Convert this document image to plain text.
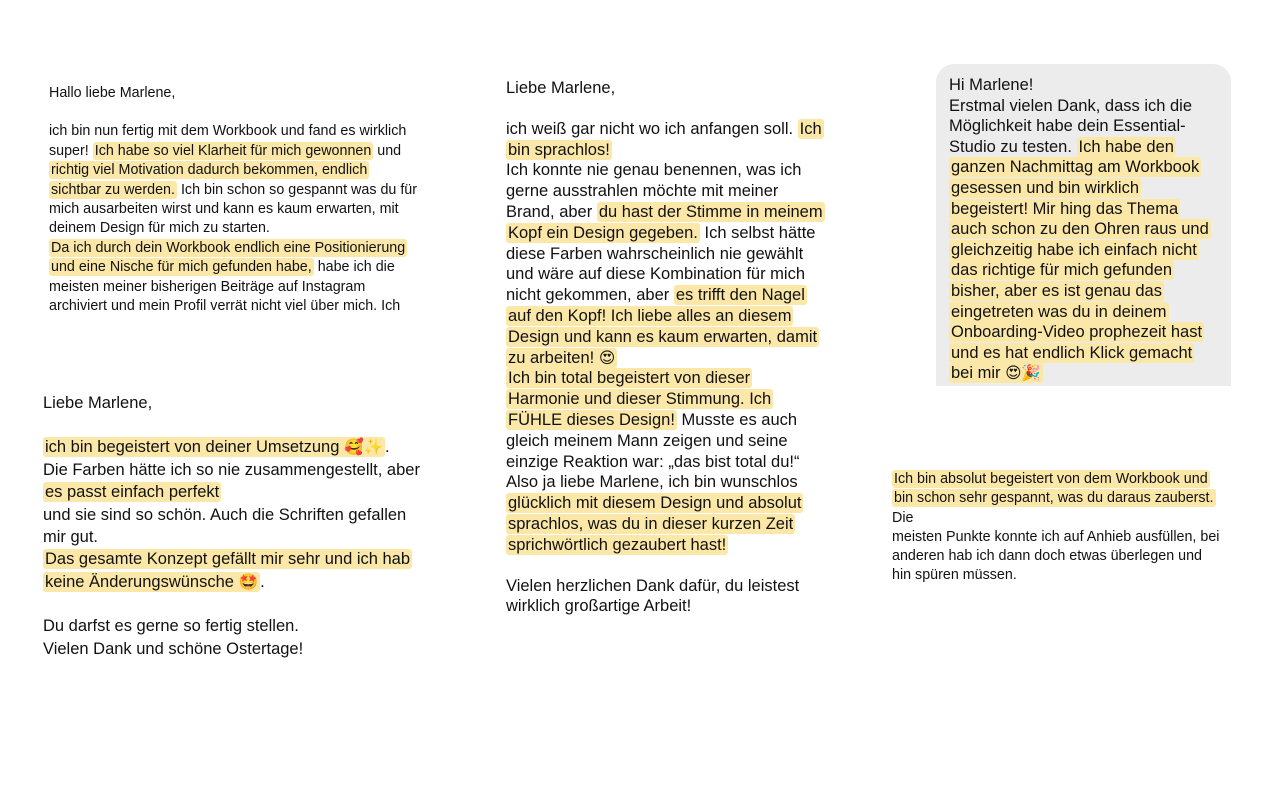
Hallo liebe Marlene,
ich bin nun fertig mit dem Workbook und fand es wirklich
super! Ich habe so viel Klarheit für mich gewonnen und
richtig viel Motivation dadurch bekommen, endlich
sichtbar zu werden. Ich bin schon so gespannt was du für
mich ausarbeiten wirst und kann es kaum erwarten, mit
deinem Design für mich zu starten.
Da ich durch dein Workbook endlich eine Positionierung
und eine Nische für mich gefunden habe, habe ich die
meisten meiner bisherigen Beiträge auf Instagram
archiviert und mein Profil verrät nicht viel über mich. Ich
Liebe Marlene,
ich bin begeistert von deiner Umsetzung 🥰✨ .
Die Farben hätte ich so nie zusammengestellt, aber
es passt einfach perfekt
und sie sind so schön. Auch die Schriften gefallen
mir gut.
Das gesamte Konzept gefällt mir sehr und ich hab
keine Änderungswünsche 🤩 .
Du darfst es gerne so fertig stellen.
Vielen Dank und schöne Ostertage!
Liebe Marlene,
ich weiß gar nicht wo ich anfangen soll. Ich
bin sprachlos!
Ich konnte nie genau benennen, was ich
gerne ausstrahlen möchte mit meiner
Brand, aber du hast der Stimme in meinem
Kopf ein Design gegeben. Ich selbst hätte
diese Farben wahrscheinlich nie gewählt
und wäre auf diese Kombination für mich
nicht gekommen, aber es trifft den Nagel
auf den Kopf! Ich liebe alles an diesem
Design und kann es kaum erwarten, damit
zu arbeiten! 😍
Ich bin total begeistert von dieser
Harmonie und dieser Stimmung. Ich
FÜHLE dieses Design! Musste es auch
gleich meinem Mann zeigen und seine
einzige Reaktion war: „das bist total du!“
Also ja liebe Marlene, ich bin wunschlos
glücklich mit diesem Design und absolut
sprachlos, was du in dieser kurzen Zeit
sprichwörtlich gezaubert hast!
Vielen herzlichen Dank dafür, du leistest
wirklich großartige Arbeit!
Hi Marlene!
Erstmal vielen Dank, dass ich die
Möglichkeit habe dein Essential-
Studio zu testen. Ich habe den
ganzen Nachmittag am Workbook
gesessen und bin wirklich
begeistert! Mir hing das Thema
auch schon zu den Ohren raus und
gleichzeitig habe ich einfach nicht
das richtige für mich gefunden
bisher, aber es ist genau das
eingetreten was du in deinem
Onboarding-Video prophezeit hast
und es hat endlich Klick gemacht
bei mir 😍🎉
Ich bin absolut begeistert von dem Workbook und
bin schon sehr gespannt, was du daraus zauberst.
Die
meisten Punkte konnte ich auf Anhieb ausfüllen, bei
anderen hab ich dann doch etwas überlegen und
hin spüren müssen.
